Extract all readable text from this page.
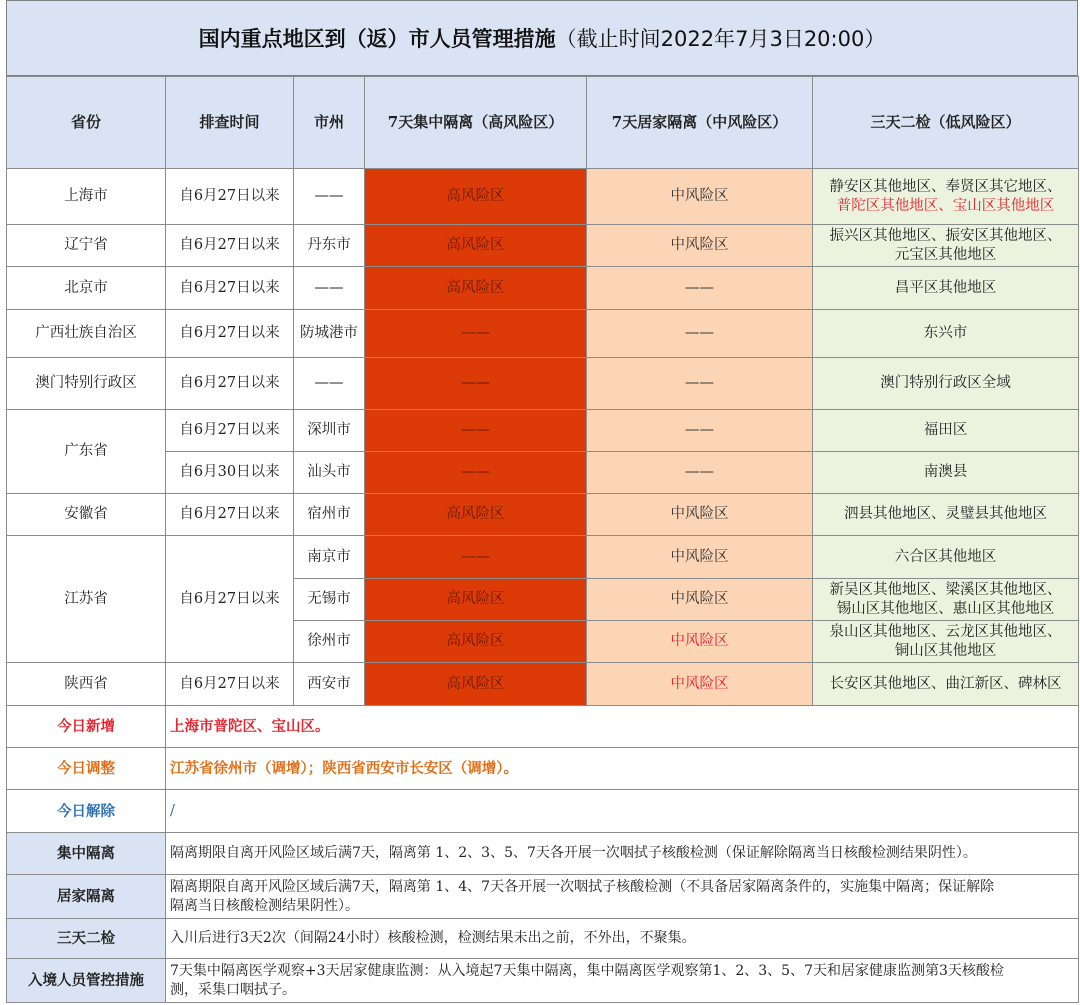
国内重点地区到（返）市人员管理措施 （截止时间2022年7月3日20:00）
省份	排查时间	市州	7天集中隔离（高风险区）	7天居家隔离（中风险区）	三天二检（低风险区）
上海市	自6月27日以来	——	高风险区	中风险区	静安区其他地区、奉贤区其它地区、
普陀区其他地区、宝山区其他地区

辽宁省	自6月27日以来	丹东市	高风险区	中风险区	振兴区其他地区、振安区其他地区、
元宝区其他地区

北京市	自6月27日以来	——	高风险区	——	昌平区其他地区
广西壮族自治区	自6月27日以来	防城港市	——	——	东兴市
澳门特别行政区	自6月27日以来	——	——	——	澳门特别行政区全域
广东省	自6月27日以来	深圳市	——	——	福田区
	自6月30日以来	汕头市	——	——	南澳县
安徽省	自6月27日以来	宿州市	高风险区	中风险区	泗县其他地区、灵璧县其他地区
江苏省	自6月27日以来	南京市	——	中风险区	六合区其他地区
		无锡市	高风险区	中风险区	新吴区其他地区、梁溪区其他地区、
锡山区其他地区、惠山区其他地区

		徐州市	高风险区	中风险区	泉山区其他地区、云龙区其他地区、
铜山区其他地区

陕西省	自6月27日以来	西安市	高风险区	中风险区	长安区其他地区、曲江新区、碑林区
今日新增	上海市普陀区、宝山区。				
今日调整	江苏省徐州市（调增）；陕西省西安市长安区（调增）。				
今日解除	/				
集中隔离	隔离期限自离开风险区域后满7天，隔离第 1、2、3、5、7天各开展一次咽拭子核酸检测（保证解除隔离当日核酸检测结果阴性）。				
居家隔离	隔离期限自离开风险区域后满7天，隔离第 1、4、7天各开展一次咽拭子核酸检测（不具备居家隔离条件的，实施集中隔离；保证解除
隔离当日核酸检测结果阴性）。				

三天二检	入川后进行3天2次（间隔24小时）核酸检测，检测结果未出之前，不外出，不聚集。				
入境人员管控措施	7天集中隔离医学观察+3天居家健康监测：从入境起7天集中隔离，集中隔离医学观察第1、2、3、5、7天和居家健康监测第3天核酸检
测，采集口咽拭子。				
